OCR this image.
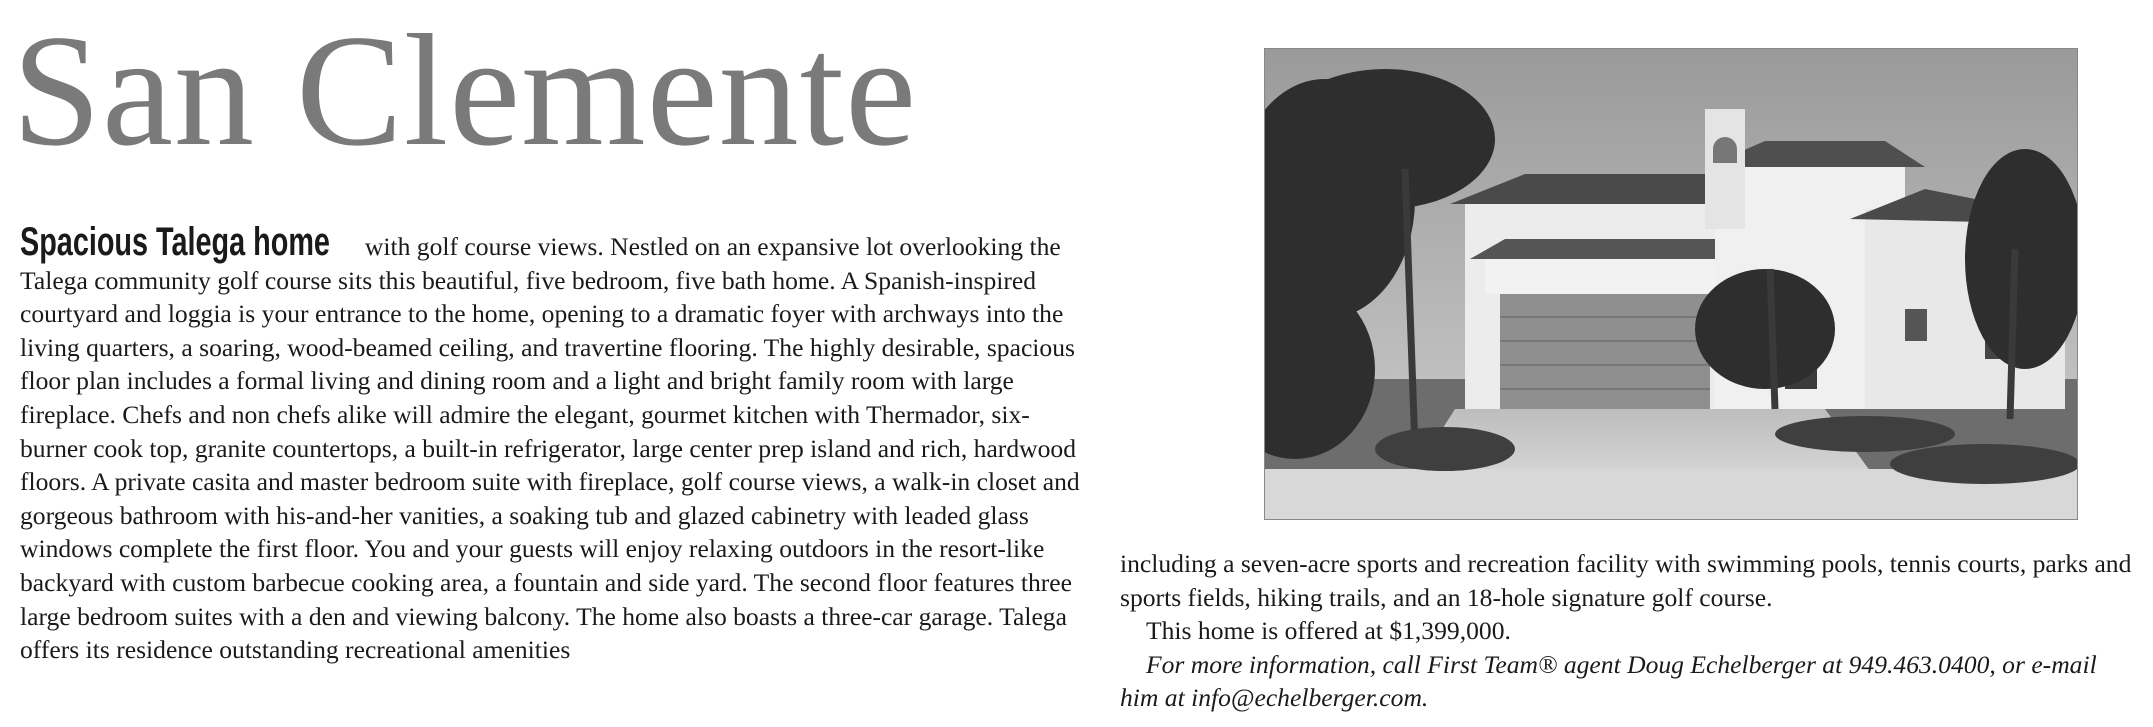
San Clemente

Spacious Talega home with golf course views. Nestled on an expansive lot overlooking the Talega community golf course sits this beautiful, five bedroom, five bath home. A Spanish-inspired courtyard and loggia is your entrance to the home, opening to a dramatic foyer with archways into the living quarters, a soaring, wood-beamed ceiling, and travertine flooring. The highly desirable, spacious floor plan includes a formal living and dining room and a light and bright family room with large fireplace. Chefs and non chefs alike will admire the elegant, gourmet kitchen with Thermador, six-burner cook top, granite countertops, a built-in refrigerator, large center prep island and rich, hardwood floors. A private casita and master bedroom suite with fireplace, golf course views, a walk-in closet and gorgeous bathroom with his-and-her vanities, a soaking tub and glazed cabinetry with leaded glass windows complete the first floor. You and your guests will enjoy relaxing outdoors in the resort-like backyard with custom barbecue cooking area, a fountain and side yard. The second floor features three large bedroom suites with a den and viewing balcony. The home also boasts a three-car garage. Talega offers its residence outstanding recreational amenities

including a seven-acre sports and recreation facility with swimming pools, tennis courts, parks and sports fields, hiking trails, and an 18-hole signature golf course.

This home is offered at $1,399,000.

For more information, call First Team® agent Doug Echelberger at 949.463.0400, or e-mail him at info@echelberger.com.
